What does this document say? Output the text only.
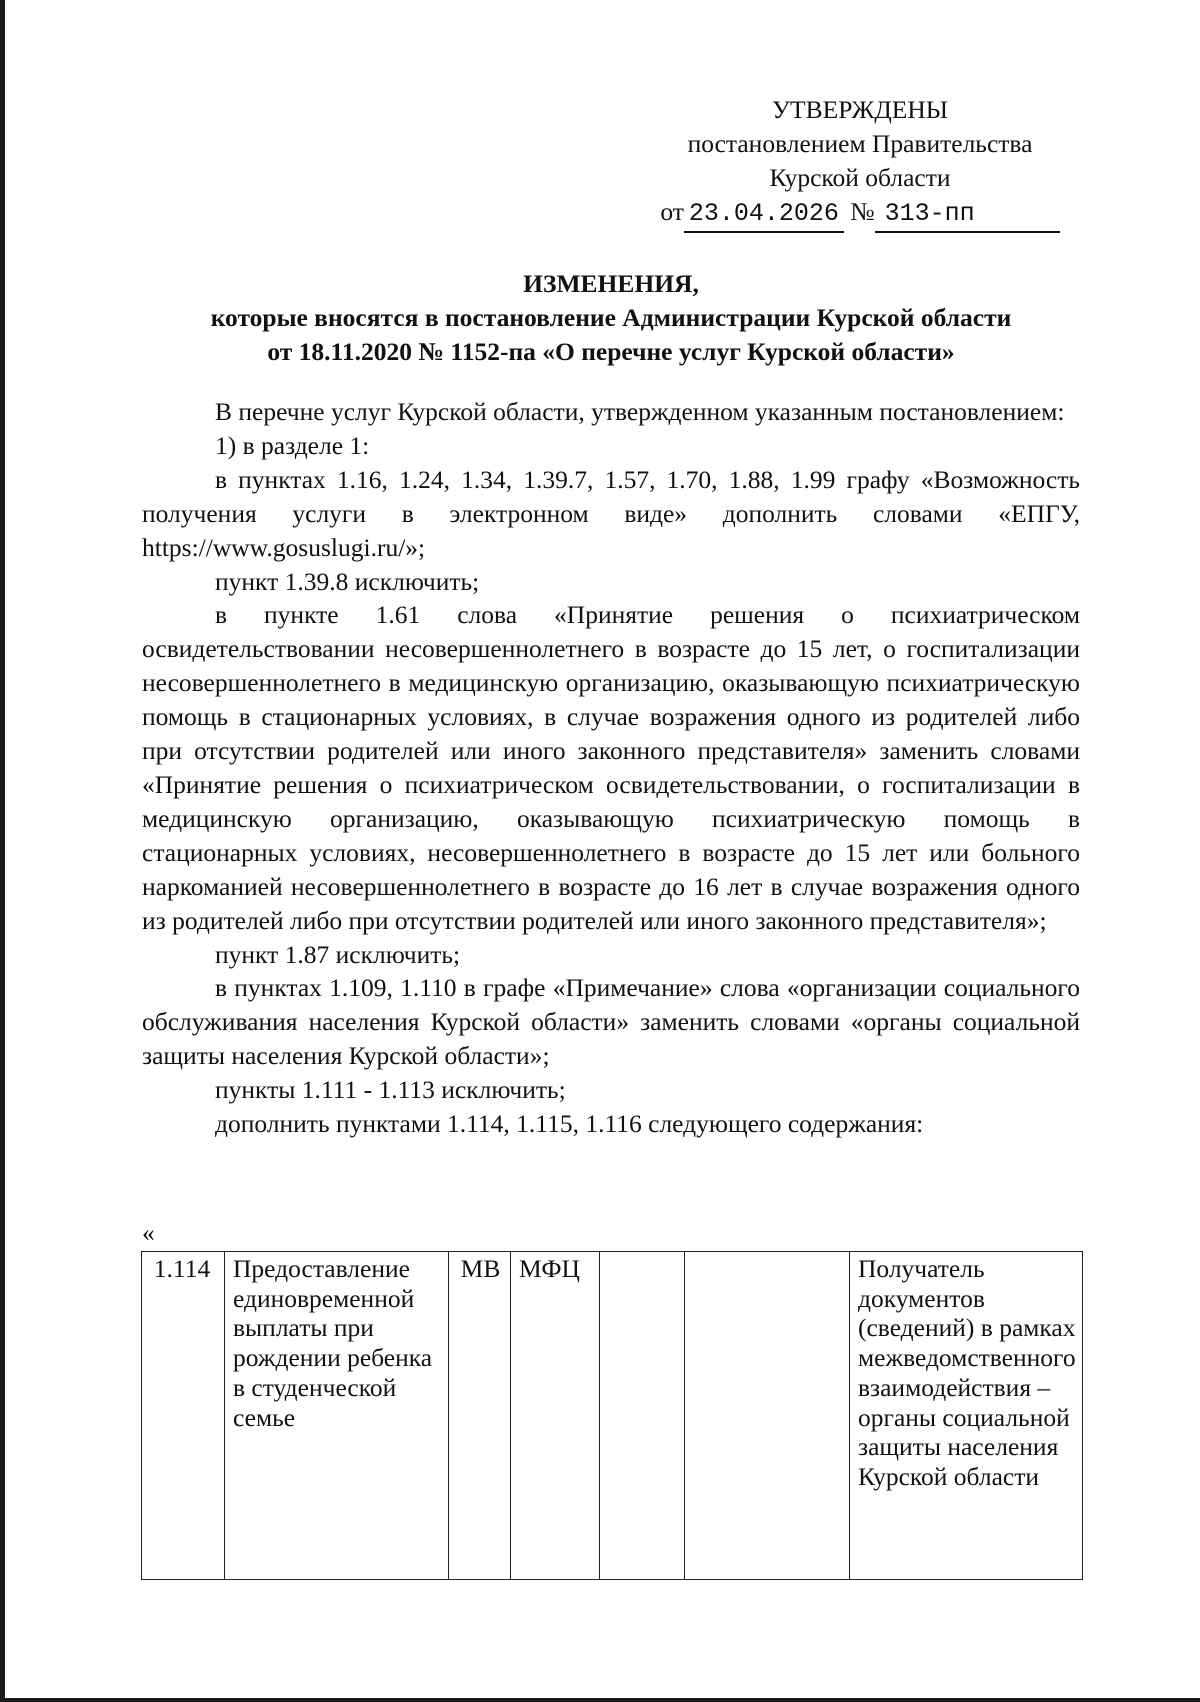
УТВЕРЖДЕНЫ
постановлением Правительства
Курской области
от 23.04.2026 № 313-пп
ИЗМЕНЕНИЯ,
которые вносятся в постановление Администрации Курской области
от 18.11.2020 № 1152-па «О перечне услуг Курской области»

В перечне услуг Курской области, утвержденном указанным постановлением:

1) в разделе 1:

в пунктах 1.16, 1.24, 1.34, 1.39.7, 1.57, 1.70, 1.88, 1.99 графу «Возможность получения услуги в электронном виде» дополнить словами «ЕПГУ, https://www.gosuslugi.ru/»;

пункт 1.39.8 исключить;

в пункте 1.61 слова «Принятие решения о психиатрическом освидетельствовании несовершеннолетнего в возрасте до 15 лет, о госпитализации несовершеннолетнего в медицинскую организацию, оказывающую психиатрическую помощь в стационарных условиях, в случае возражения одного из родителей либо при отсутствии родителей или иного законного представителя» заменить словами «Принятие решения о психиатрическом освидетельствовании, о госпитализации в медицинскую организацию, оказывающую психиатрическую помощь в стационарных условиях, несовершеннолетнего в возрасте до 15 лет или больного наркоманией несовершеннолетнего в возрасте до 16 лет в случае возражения одного из родителей либо при отсутствии родителей или иного законного представителя»;

пункт 1.87 исключить;

в пунктах 1.109, 1.110 в графе «Примечание» слова «организации социального обслуживания населения Курской области» заменить словами «органы социальной защиты населения Курской области»;

пункты 1.111 - 1.113 исключить;

дополнить пунктами 1.114, 1.115, 1.116 следующего содержания:

«
1.114	Предоставление единовременной выплаты при рождении ребенка в студенческой семье	МВ	МФЦ			Получатель документов (сведений) в рамках межведомственного взаимодействия – органы социальной защиты населения Курской области
